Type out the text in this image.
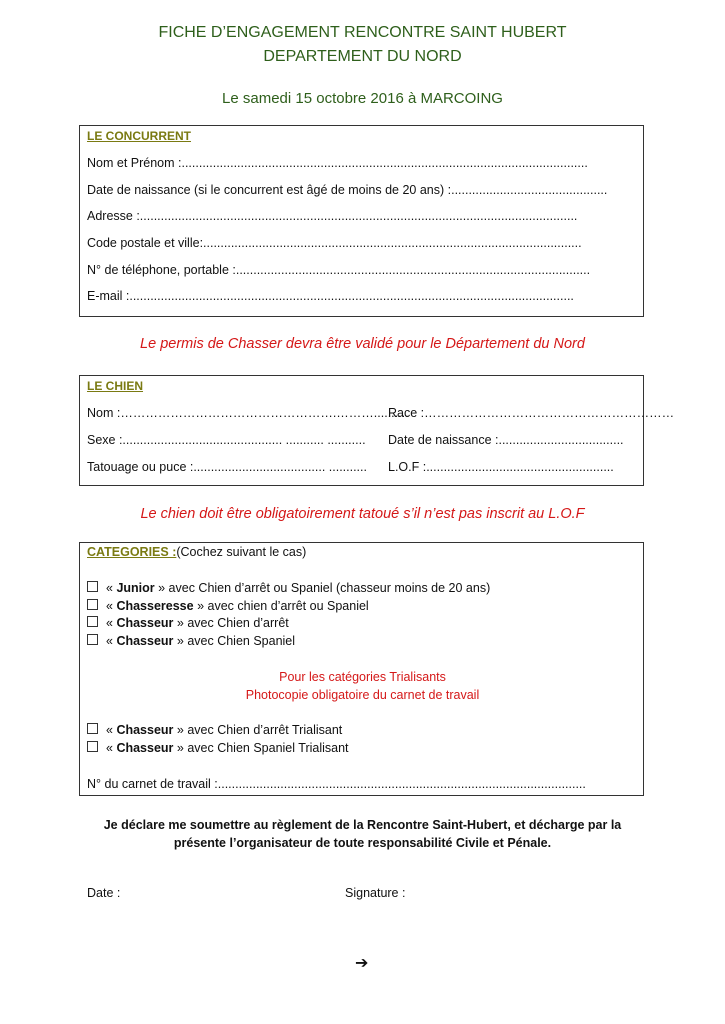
FICHE D’ENGAGEMENT RENCONTRE SAINT HUBERT
DEPARTEMENT DU NORD
Le samedi 15 octobre 2016 à MARCOING
LE CONCURRENT
Nom et Prénom :.....................................................................................................................
Date de naissance (si le concurrent est âgé de moins de 20 ans) :.............................................
Adresse :..............................................................................................................................
Code postale et ville:.............................................................................................................
N° de téléphone, portable :......................................................................................................
E-mail :................................................................................................................................
Le permis de Chasser devra être validé pour le Département du Nord
LE CHIEN
Nom :…………………………………………….………..........
Race :……………………………………………………
Sexe :.............................................. ........... ........... Date de naissance :....................................
Tatouage ou puce :...................................... ........... L.O.F :......................................................
Le chien doit être obligatoirement tatoué s’il n’est pas inscrit au L.O.F
CATEGORIES :(Cochez suivant le cas)
« Junior » avec Chien d’arrêt ou Spaniel (chasseur moins de 20 ans)
« Chasseresse » avec chien d’arrêt ou Spaniel
« Chasseur » avec Chien d’arrêt
« Chasseur » avec Chien Spaniel
Pour les catégories Trialisants
Photocopie obligatoire du carnet de travail
« Chasseur » avec Chien d’arrêt Trialisant
« Chasseur » avec Chien Spaniel Trialisant
N° du carnet de travail :..........................................................................................................
Je déclare me soumettre au règlement de la Rencontre Saint-Hubert, et décharge par la
présente l’organisateur de toute responsabilité Civile et Pénale.
Date :	Signature :
➔
